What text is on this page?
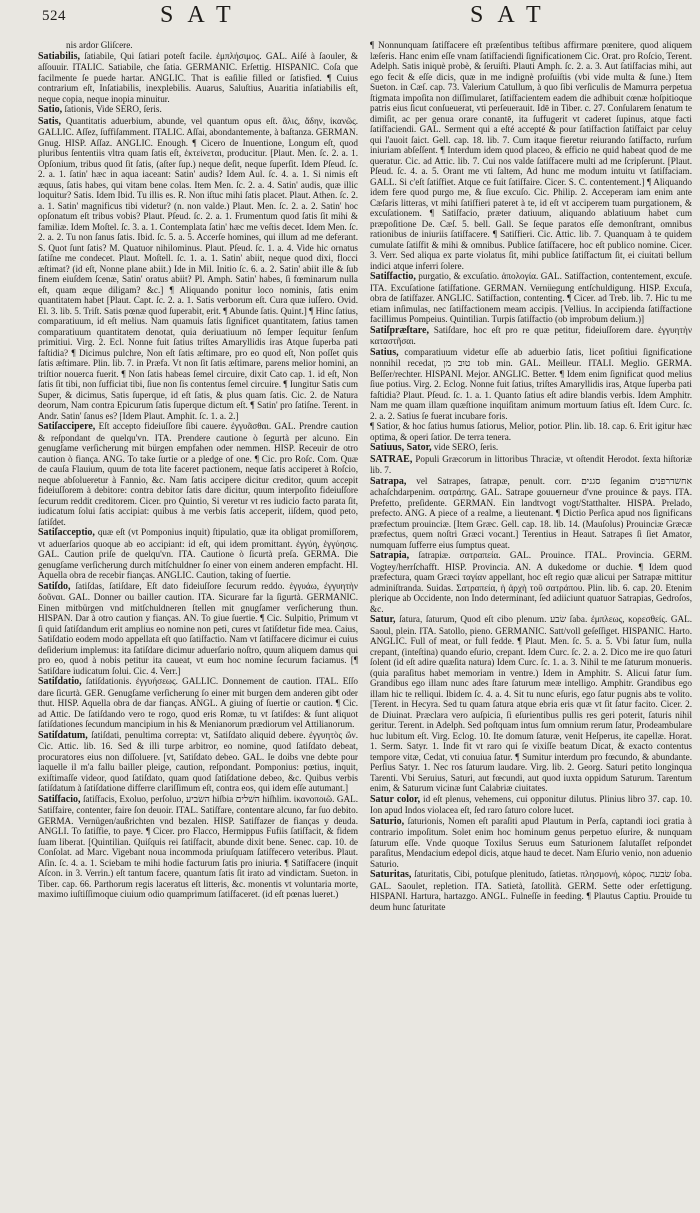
524	SAT	SAT

nis ardor Gliſcere.

Satiabilis, ſatiabile, Qui ſatiari poteſt facile. ἐμπλήσιμος. GAL. Aiſé à ſaouler, & aſſouuir. ITALIC. Satiabile, che ſatia. GERMANIC. Erſettig. HISPANIC. Coſa que facilmente ſe puede hartar. ANGLIC. That is eaſilie filled or ſatisfied. ¶ Cuius contrarium eſt, Inſatiabilis, inexplebilis. Auarus, Saluſtius, Auaritia inſatiabilis eſt, neque copia, neque inopia minuitur.

Satio, ſationis, Vide SERO, ſeris.

Satis, Quantitatis aduerbium, abunde, vel quantum opus eſt. ἅλις, ἄδην, ἱκανῶς. GALLIC. Aſſez, ſuffiſamment. ITALIC. Aſſai, abondantemente, à baſtanza. GERMAN. Gnug. HISP. Aſſaz. ANGLIC. Enough. ¶ Cicero de Inuentione, Longum eſt, quod pluribus ſententiis vltra quam ſatis eſt, ἐκτείνεται, producitur. [Plaut. Men. ſc. 2. a. 1. Opſonium, tribus quod ſit ſatis, (aſter ſup.) neque deſit, neque ſuperſit. Idem Pſeud. ſc. 2. a. 1. ſatin' hæc in aqua iaceant: Satin' audis? Idem Aul. ſc. 4. a. 1. Si nimis eſt æquus, ſatis habes, qui vitam bene colas. Item Men. ſc. 2. a. 4. Satin' audis, quæ illic loquitur? Satis. Idem Ibid. Tu illis es. R. Non iſtuc mihi ſatis placet. Plaut. Athen. ſc. 2. a. 1. Satin' magnificus tibi videtur? (n. non valde.) Plaut. Men. ſc. 2. a. 2. Satin' hoc opſonatum eſt tribus vobis? Plaut. Pſeud. ſc. 2. a. 1. Frumentum quod ſatis ſit mihi & familiæ. Idem Moſtel. ſc. 3. a. 1. Contemplata ſatin' hæc me veſtis decet. Idem Men. ſc. 2. a. 2. Tu non ſanus ſatis. Ibid. ſc. 5. a. 5. Accerſe homines, qui illum ad me deferant. S. Quot ſunt ſatis? M. Quatuor nihilominus. Plaut. Pſeud. ſc. 1. a. 4. Vide hic ornatus ſatiſne me condecet. Plaut. Moſtell. ſc. 1. a. 1. Satin' abiit, neque quod dixi, flocci æſtimat? (id eſt, Nonne plane abiit.) Ide in Mil. Initio ſc. 6. a. 2. Satin' abiit ille & ſub finem eiuſdem ſcenæ, Satin' oratus abiit? Pl. Amph. Satin' habes, ſi fœminarum nulla eſt, quam æque diligam? &c.] ¶ Aliquando ponitur loco nominis, ſatis enim quantitatem habet [Plaut. Capt. ſc. 2. a. 1. Satis verborum eſt. Cura quæ iuſſero. Ovid. El. 3. lib. 5. Triſt. Satis pœnæ quod ſuperabit, erit. ¶ Abunde ſatis. Quint.] ¶ Hinc ſatius, comparatiuum, id eſt melius. Nam quamuis ſatis ſignificet quantitatem, ſatius tamen comparatiuum quantitatem denotat, quia deriuatiuum nō ſemper ſequitur ſenſum primitiui. Virg. 2. Ecl. Nonne fuit ſatius triſtes Amaryllidis iras Atque ſuperba pati faſtidia? ¶ Dicimus pulchre, Non eſt ſatis æſtimare, pro eo quod eſt, Non poſſet quis ſatis æſtimare. Plin. lib. 7. in Præfa. Vt non ſit ſatis æſtimare, parens melior homini, an triſtior nouerca fuerit. ¶ Non ſatis habeas ſemel circuire, dixit Cato cap. 1. id eſt, Non ſatis ſit tibi, non ſufficiat tibi, ſiue non ſis contentus ſemel circuire. ¶ Iungitur Satis cum Super, & dicimus, Satis ſuperque, id eſt ſatis, & plus quam ſatis. Cic. 2. de Natura deorum, Nam contra Epicurum ſatis ſuperque dictum eſt. ¶ Satin' pro ſatiſne. Terent. in Andr. Satin' ſanus es? [Idem Plaut. Amphit. ſc. 1. a. 2.]

Satiſaccipere, Eſt accepto fideiuſſore ſibi cauere. ἐγγυᾶσθαι. GAL. Prendre caution & reſpondant de quelqu'vn. ITA. Prendere cautione ò ſegurtà per alcuno. Ein genugſame verſicherung mit bürgen empfahen oder nemmen. HISP. Receuir de otro caution ò fiança. ANG. To take ſurtie or a pledge of one. ¶ Cic. pro Roſc. Com. Quæ de cauſa Flauium, quum de tota lite faceret pactionem, neque ſatis acciperet à Roſcio, neque abſolueretur à Fannio, &c. Nam ſatis accipere dicitur creditor, quum accepit fideiuſſorem à debitore: contra debitor ſatis dare dicitur, quum interpoſito fideiuſſore ſecurum reddit creditorem. Cicer. pro Quintio, Si veretur vt res iudicio facto parata ſit, iudicatum ſolui ſatis accipiat: quibus à me verbis ſatis acceperit, iiſdem, quod peto, ſatiſdet.

Satiſacceptio, quæ eſt (vt Pomponius inquit) ſtipulatio, quæ ita obligat promiſſorem, vt aduerſarios quoque ab eo accipiant: id eſt, qui idem promittant. ἐγγύη, ἐγγύησις. GAL. Caution priſe de quelqu'vn. ITA. Cautione ò ſicurtà preſa. GERMA. Die genugſame verſicherung durch mitſchuldner ſo einer von einem anderen empfacht. HI. Aquella obra de recebir fianças. ANGLIC. Caution, taking of ſuertie.

Satiſdo, ſatiſdas, ſatiſdare, Eſt dato fideiuſſore ſecurum reddo. ἐγγυάω, ἐγγυητὴν δοῦναι. GAL. Donner ou bailler caution. ITA. Sicurare far la ſigurtà. GERMANIC. Einen mitbürgen vnd mitſchuldneren ſtellen mit gnugſamer verſicherung thun. HISPAN. Dar à otro caution y fianças. AN. To giue ſuertie. ¶ Cic. Sulpitio, Primum vt ſi quid ſatiſdandum erit amplius eo nomine non peti, cures vt ſatiſdetur fide mea. Caius, Satiſdatio eodem modo appellata eſt quo ſatiſfactio. Nam vt ſatiſfacere dicimur ei cuius deſiderium implemus: ita ſatiſdare dicimur aduerſario noſtro, quum aliquem damus qui pro eo, quod à nobis petitur ita caueat, vt eum hoc nomine ſecurum faciamus. [¶ Satiſdare iudicatum ſolui. Cic. 4. Verr.]

Satiſdatio, ſatiſdationis. ἐγγυήσεως. GALLIC. Donnement de caution. ITAL. Eſſo dare ſicurtà. GER. Genugſame verſicherung ſo einer mit burgen dem anderen gibt oder thut. HISP. Aquella obra de dar fianças. ANGL. A giuing of ſuertie or caution. ¶ Cic. ad Attic. De ſatiſdando vero te rogo, quod eris Romæ, tu vt ſatiſdes: & ſunt aliquot ſatiſdationes ſecundum mancipium in his & Menianorum prædiorum vel Attilianorum.

Satiſdatum, ſatiſdati, penultima correpta: vt, Satiſdato aliquid debere. ἐγγυητὸς ὤν. Cic. Attic. lib. 16. Sed & illi turpe arbitror, eo nomine, quod ſatiſdato debeat, procuratores eius non diſſoluere. [vt, Satiſdato debeo. GAL. Ie doibs vne debte pour laquelle il m'a fallu bailler pleige, caution, reſpondant. Pomponius: pœtius, inquit, exiſtimaſſe videor, quod ſatiſdato, quam quod ſatiſdatione debeo, &c. Quibus verbis ſatiſdatum à ſatiſdatione differre clariſſimum eſt, contra eos, qui idem eſſe autumant.]

Satiſfacio, ſatiſfacis, Exoluo, perſoluo, השׂביע hiſbia השׁלים hiſhlim. ἱκανοποιῶ. GAL. Satiſfaire, contenter, faire ſon deuoir. ITAL. Satiſfare, contentare alcuno, far ſuo debito. GERMA. Vernügen/außrichten vnd bezalen. HISP. Satiſfazer de fianças y deuda. ANGLI. To ſatiſfie, to paye. ¶ Cicer. pro Flacco, Hermippus Fufiis ſatiſfacit, & fidem ſuam liberat. [Quintilian. Quiſquis rei ſatiſfacit, abunde dixit bene. Senec. cap. 10. de Conſolat. ad Marc. Vigebant noua incommoda priuſquam ſatiſfecero veteribus. Plaut. Aſin. ſc. 4. a. 1. Sciebam te mihi hodie facturum ſatis pro iniuria. ¶ Satiſfacere (inquit Aſcon. in 3. Verrin.) eſt tantum facere, quantum ſatis ſit irato ad vindictam. Sueton. in Tiber. cap. 66. Parthorum regis laceratus eſt litteris, &c. monentis vt voluntaria morte, maximo iuſtiſſimoque ciuium odio quamprimum ſatiſfaceret. (id eſt pœnas lueret.)

¶ Nonnunquam ſatiſfacere eſt præſentibus teſtibus affirmare pœnitere, quod aliquem læſeris. Hanc enim eſſe vnam ſatiſfaciendi ſignificationem Cic. Orat. pro Roſcio, Terent. Adelph. Satis iniquè probè, & ſeruiſti. Plauti Amph. ſc. 2. a. 3. Aut ſatiſfacias mihi, aut ego fecit & eſſe dicis, quæ in me indignè proſuiſtis (vbi vide multa & ſune.) Item Sueton. in Cæſ. cap. 73. Valerium Catullum, à quo ſibi verſiculis de Mamurra perpetua ſtigmata impoſita non diſſimularet, ſatiſfacientem eadem die adhibuit cœnæ hoſpitioque patris eius ſicut conſueuerat, vti perſeuerauit. Idē in Tiber. c. 27. Conſularem ſenatum te dimiſit, ac per genua orare conantē, ita ſuffugerit vt caderet ſupinus, atque facti ſatiſfaciendi. GAL. Serment qui a eſté accepté & pour ſatiſfaction ſatiſfaict par celuy qui l'auoit ſaict. Gell. cap. 18. lib. 7. Cum itaque fieretur reiurando ſatiſfacto, rurſum iniuriam abſeſſent. ¶ Interdum idem quod placeo, & efficio ne quid habeat quod de me queratur. Cic. ad Attic. lib. 7. Cui nos valde ſatiſfacere multi ad me ſcripſerunt. [Plaut. Pſeud. ſc. 4. a. 5. Orant me vti ſaltem, Ad hunc me modum intuitu vt ſatiſfaciam. GALL. Si c'eſt ſatiſfiet. Atque ce fuit ſatiſfaire. Cicer. S. C. contentement.] ¶ Aliquando idem fere quod purgo me, & ſiue excuſo. Cic. Philip. 2. Acceperam iam enim ante Cæſaris litteras, vt mihi ſatiſfieri pateret à te, id eſt vt acciperem tuam purgationem, & excuſationem. ¶ Satiſfacio, præter datiuum, aliquando ablatiuum habet cum præpoſitione De. Cæſ. 5. bell. Gall. Se ſeque paratos eſſe demonſtrant, omnibus rationibus de iniuriis ſatiſfacere. ¶ Satiſfieri. Cic. Attic. lib. 7. Quanquam à te quidem cumulate ſatiſfit & mihi & omnibus. Publice ſatiſfacere, hoc eſt publico nomine. Cicer. 3. Verr. Sed aliqua ex parte violatus ſit, mihi publice ſatiſfactum ſit, ei ciuitati bellum indici atque inferri ſolere.

Satiſfactio, purgatio, & excuſatio. ἀπολογία. GAL. Satiſfaction, contentement, excuſe. ITA. Excuſatione ſatiſfatione. GERMAN. Vernüegung entſchuldigung. HISP. Excuſa, obra de ſatiſfazer. ANGLIC. Satiſfaction, contenting. ¶ Cicer. ad Treb. lib. 7. Hic tu me etiam inſimulas, nec ſatiſfactionem meam accipis. [Vellius. In accipienda ſatiſfactione facillimus Pompeius. Quintilian. Turpis ſatiſfactio (ob improbum delium.)]

Satiſpræſtare, Satiſdare, hoc eſt pro re quæ petitur, fideiuſſorem dare. ἐγγυητὴν καταστῆσαι.

Satius, comparatiuum videtur eſſe ab aduerbio ſatis, licet poſitiui ſignificatione nonnihil recedat, טוב מן tob min. GAL. Meilleur. ITALI. Meglio. GERMA. Beſſer/rechter. HISPANI. Mejor. ANGLIC. Better. ¶ Idem enim ſignificat quod melius ſiue potius. Virg. 2. Eclog. Nonne fuit ſatius, triſtes Amaryllidis iras, Atque ſuperba pati faſtidia? Plaut. Pſeud. ſc. 1. a. 1. Quanto ſatius eſt adire blandis verbis. Idem Amphitr. Nam me quam illam quæſtione inquiſitam animum mortuum ſatius eſt. Idem Curc. ſc. 2. a. 2. Satius ſe fuerat incubare foris.

¶ Satior, & hoc ſatius humus ſatiorus, Melior, potior. Plin. lib. 18. cap. 6. Erit igitur hæc optima, & operi ſatior. De terra tenera.

Satiuus, Sator, vide SERO, ſeris.

SATRAE, Populi Græcorum in littoribus Thraciæ, vt oſtendit Herodot. ſexta hiſtoriæ lib. 7.

Satrapa, vel Satrapes, ſatrapæ, penult. corr. סגנים ſeganim אחשדרפנים achaſchdarpenim. σατράπης. GAL. Satrape gouuerneur d'vne prouince & pays. ITA. Prefetto, preſidente. GERMAN. Ein landtvogt vogt/Statthalter. HISPA. Prelado, prefecto. ANG. A piece of a realme, a lieutenant. ¶ Dictio Perſica apud nos ſignificans præfectum prouinciæ. [Item Græc. Gell. cap. 18. lib. 14. (Mauſolus) Prouinciæ Græcæ præfectus, quem noſtri Græci vocant.] Terentius in Heaut. Satrapes ſi ſiet Amator, numquam ſufferre eius ſumptus queat.

Satrapia, ſatrapiæ. σατραπεία. GAL. Prouince. ITAL. Provincia. GERM. Vogtey/herrſchafft. HISP. Provincia. AN. A dukedome or duchie. ¶ Idem quod præfectura, quam Græci ταγίαν appellant, hoc eſt regio quæ alicui per Satrapæ mittitur adminiſtranda. Suidas. Σατραπεία, ἡ ἀρχὴ τοῦ σατράπου. Plin. lib. 6. cap. 20. Etenim plerique ab Occidente, non Indo determinant, ſed adiiciunt quatuor Satrapias, Gedroſos, &c.

Satur, ſatura, ſaturum, Quod eſt cibo plenum. שׂבע ſaba. ἐμπλεως, κορεσθείς. GAL. Saoul, plein. ITA. Satollo, pieno. GERMANIC. Satt/voll geſeſſiget. HISPANIC. Harto. ANGLIC. Full of meat, or full fedde. ¶ Plaut. Men. ſc. 5. a. 5. Vbi ſatur ſum, nulla crepant, (inteſtina) quando eſurio, crepant. Idem Curc. ſc. 2. a. 2. Dico me ire quo ſaturi ſolent (id eſt adire quæſita natura) Idem Curc. ſc. 1. a. 3. Nihil te me ſaturum monueris. (quia paraſitus habet memoriam in ventre.) Idem in Amphitr. S. Alicui ſatur ſum. Grandibus ego illam nunc ades ſtare ſaturum meæ intelligo. Amphitr. Grandibus ego illam hic te relliqui. Ibidem ſc. 4. a. 4. Sit tu nunc eſuris, ego ſatur pugnis abs te volito. [Terent. in Hecyra. Sed tu quam ſatura atque ebria eris quæ vt ſit ſatur facito. Cicer. 2. de Diuinat. Præclara vero auſpicia, ſi eſurientibus pullis res geri poterit, ſaturis nihil geritur. Terent. in Adelph. Sed poſtquam intus ſum omnium rerum ſatur, Prodeambulare huc lubitum eſt. Virg. Eclog. 10. Ite domum ſaturæ, venit Heſperus, ite capellæ. Horat. 1. Serm. Satyr. 1. Inde fit vt raro qui ſe vixiſſe beatum Dicat, & exacto contentus tempore vitæ, Cedat, vti conuiua ſatur. ¶ Sumitur interdum pro fœcundo, & abundante. Perſius Satyr. 1. Nec ros ſaturum laudare. Virg. lib. 2. Georg. Saturi petito longinqua Tarenti. Vbi Seruius, Saturi, aut fœcundi, aut quod iuxta oppidum Saturum. Tarentum enim, & Saturum vicinæ ſunt Calabriæ ciuitates.

Satur color, id eſt plenus, vehemens, cui opponitur dilutus. Plinius libro 37. cap. 10. Ion apud Indos violacea eſt, ſed raro ſaturo colore lucet.

Saturio, ſaturionis, Nomen eſt paraſiti apud Plautum in Perſa, captandi ioci gratia à contrario impoſitum. Solet enim hoc hominum genus perpetuo eſurire, & nunquam ſaturum eſſe. Vnde quoque Toxilus Seruus eum Saturionem ſalutaſſet reſpondet paraſitus, Mendacium edepol dicis, atque haud te decet. Nam Eſurio venio, non aduenio Saturio.

Saturitas, ſaturitatis, Cibi, potuſque plenitudo, ſatietas. πλησμονή, κόρος. שׂבעה ſoba. GAL. Saoulet, repletion. ITA. Satietà, ſatollità. GERM. Sette oder erſettigung. HISPANI. Hartura, hartazgo. ANGL. Fulneſſe in feeding. ¶ Plautus Captiu. Prouide tu deum hunc ſaturitate
